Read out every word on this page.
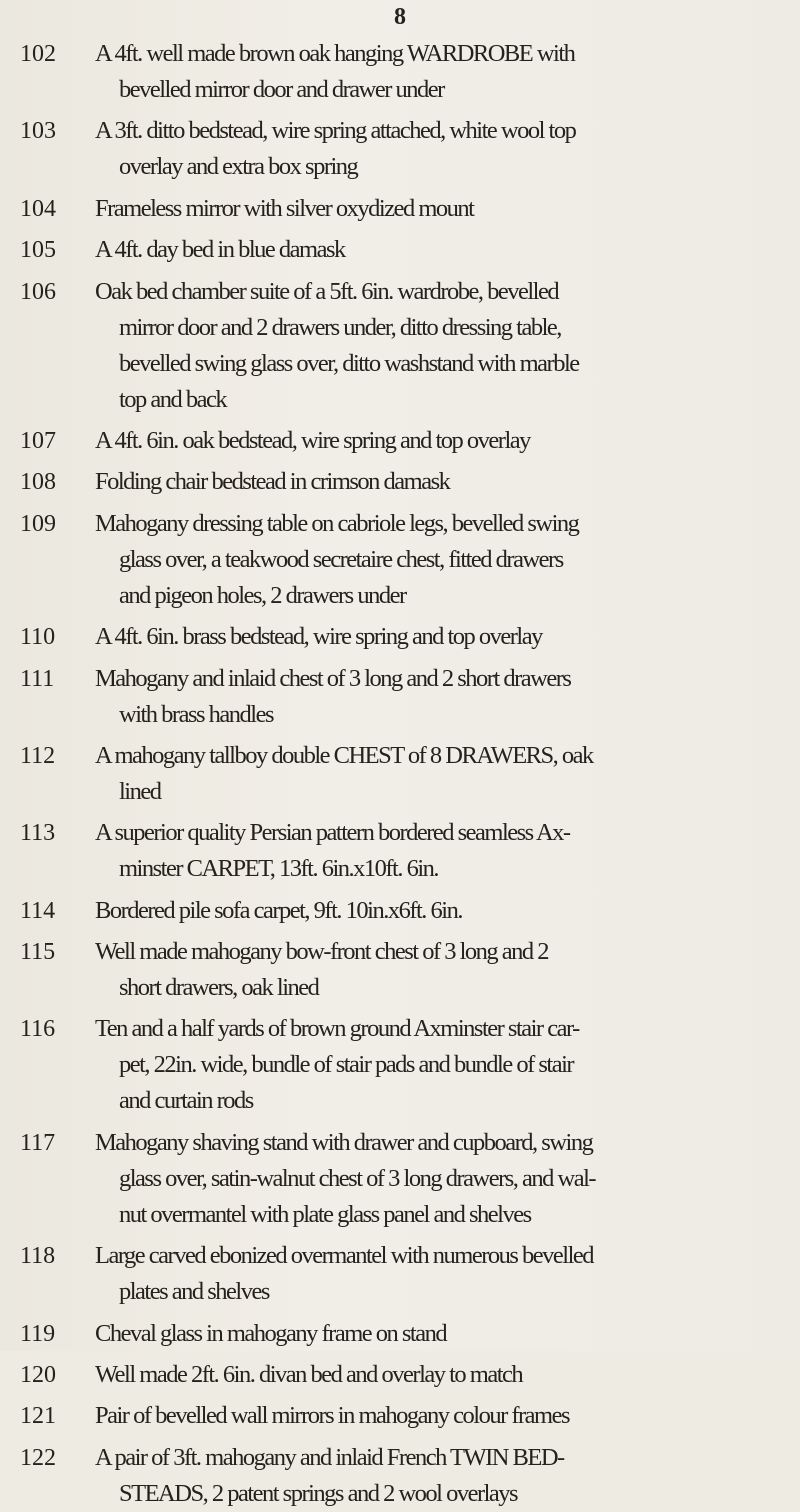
8
102	A 4ft. well made brown oak hanging WARDROBE with
bevelled mirror door and drawer under
103	A 3ft. ditto bedstead, wire spring attached, white wool top
overlay and extra box spring
104	Frameless mirror with silver oxydized mount
105	A 4ft. day bed in blue damask
106	Oak bed chamber suite of a 5ft. 6in. wardrobe, bevelled
mirror door and 2 drawers under, ditto dressing table,
bevelled swing glass over, ditto washstand with marble
top and back
107	A 4ft. 6in. oak bedstead, wire spring and top overlay
108	Folding chair bedstead in crimson damask
109	Mahogany dressing table on cabriole legs, bevelled swing
glass over, a teakwood secretaire chest, fitted drawers
and pigeon holes, 2 drawers under
110	A 4ft. 6in. brass bedstead, wire spring and top overlay
111	Mahogany and inlaid chest of 3 long and 2 short drawers
with brass handles
112	A mahogany tallboy double CHEST of 8 DRAWERS, oak
lined
113	A superior quality Persian pattern bordered seamless Ax-
minster CARPET, 13ft. 6in.x10ft. 6in.
114	Bordered pile sofa carpet, 9ft. 10in.x6ft. 6in.
115	Well made mahogany bow-front chest of 3 long and 2
short drawers, oak lined
116	Ten and a half yards of brown ground Axminster stair car-
pet, 22in. wide, bundle of stair pads and bundle of stair
and curtain rods
117	Mahogany shaving stand with drawer and cupboard, swing
glass over, satin-walnut chest of 3 long drawers, and wal-
nut overmantel with plate glass panel and shelves
118	Large carved ebonized overmantel with numerous bevelled
plates and shelves
119	Cheval glass in mahogany frame on stand
120	Well made 2ft. 6in. divan bed and overlay to match
121	Pair of bevelled wall mirrors in mahogany colour frames
122	A pair of 3ft. mahogany and inlaid French TWIN BED-
STEADS, 2 patent springs and 2 wool overlays
